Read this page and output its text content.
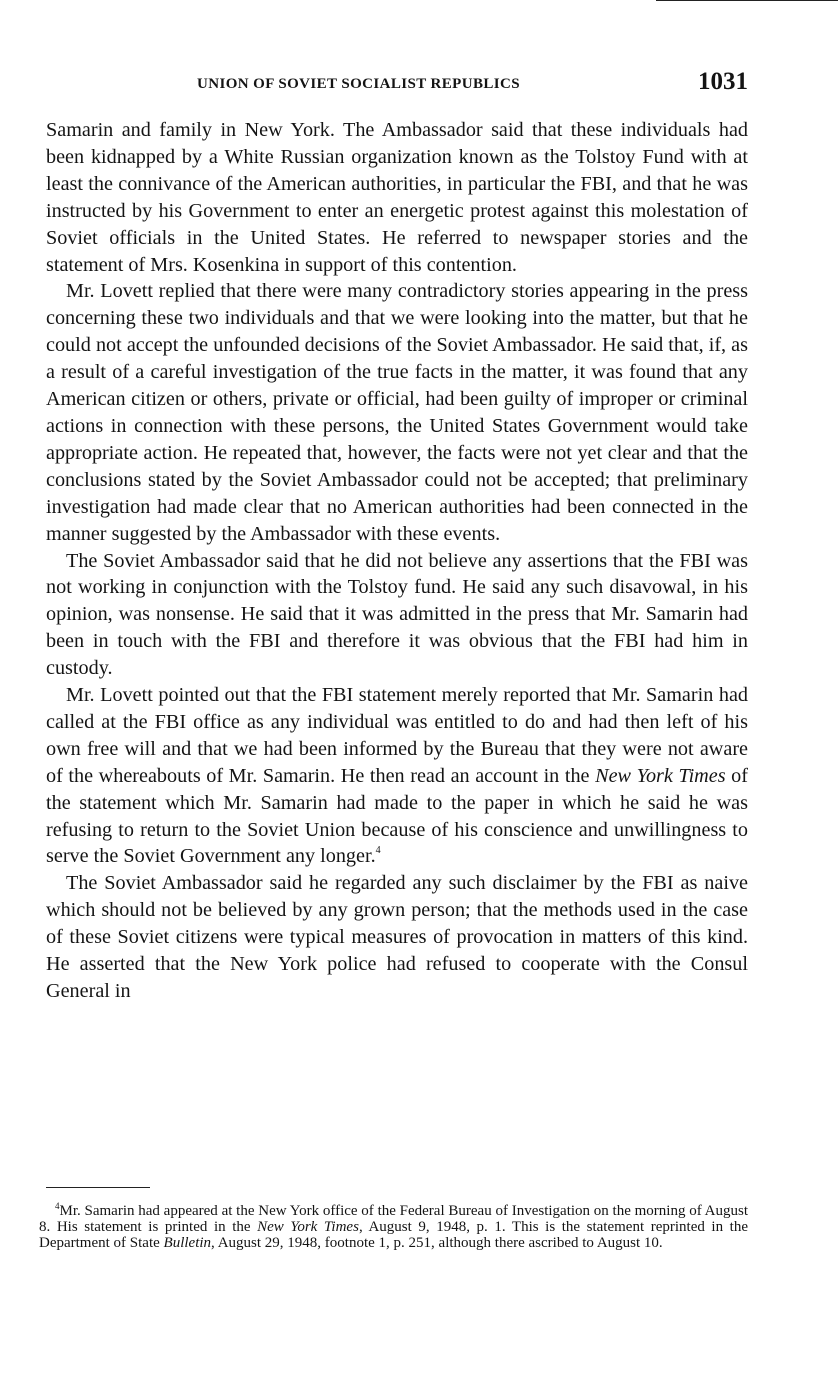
UNION OF SOVIET SOCIALIST REPUBLICS	1031

Samarin and family in New York. The Ambassador said that these individuals had been kidnapped by a White Russian organization known as the Tolstoy Fund with at least the connivance of the American authorities, in particular the FBI, and that he was instructed by his Government to enter an energetic protest against this molestation of Soviet officials in the United States. He referred to newspaper stories and the statement of Mrs. Kosenkina in support of this contention.

Mr. Lovett replied that there were many contradictory stories appearing in the press concerning these two individuals and that we were looking into the matter, but that he could not accept the unfounded decisions of the Soviet Ambassador. He said that, if, as a result of a careful investigation of the true facts in the matter, it was found that any American citizen or others, private or official, had been guilty of improper or criminal actions in connection with these persons, the United States Government would take appropriate action. He repeated that, however, the facts were not yet clear and that the conclusions stated by the Soviet Ambassador could not be accepted; that preliminary investigation had made clear that no American authorities had been connected in the manner suggested by the Ambassador with these events.

The Soviet Ambassador said that he did not believe any assertions that the FBI was not working in conjunction with the Tolstoy fund. He said any such disavowal, in his opinion, was nonsense. He said that it was admitted in the press that Mr. Samarin had been in touch with the FBI and therefore it was obvious that the FBI had him in custody.

Mr. Lovett pointed out that the FBI statement merely reported that Mr. Samarin had called at the FBI office as any individual was entitled to do and had then left of his own free will and that we had been informed by the Bureau that they were not aware of the whereabouts of Mr. Samarin. He then read an account in the New York Times of the statement which Mr. Samarin had made to the paper in which he said he was refusing to return to the Soviet Union because of his conscience and unwillingness to serve the Soviet Government any longer.$^4$

The Soviet Ambassador said he regarded any such disclaimer by the FBI as naive which should not be believed by any grown person; that the methods used in the case of these Soviet citizens were typical measures of provocation in matters of this kind. He asserted that the New York police had refused to cooperate with the Consul General in

$^4$Mr. Samarin had appeared at the New York office of the Federal Bureau of Investigation on the morning of August 8. His statement is printed in the New York Times, August 9, 1948, p. 1. This is the statement reprinted in the Department of State Bulletin, August 29, 1948, footnote 1, p. 251, although there ascribed to August 10.
